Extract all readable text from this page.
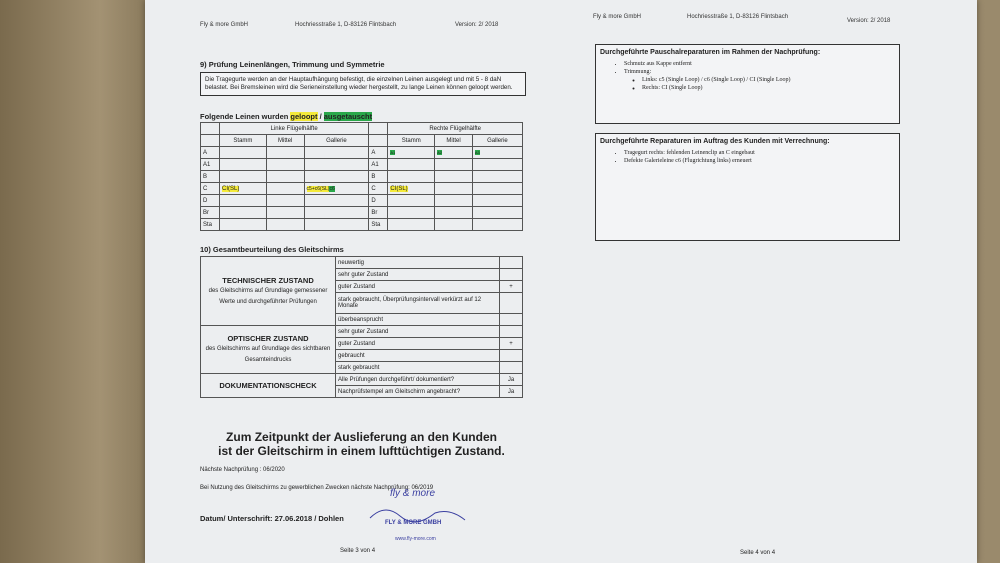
Fly & more GmbH	Hochriesstraße 1, D-83126 Flintsbach	Version: 2/ 2018
9) Prüfung Leinenlängen, Trimmung und Symmetrie
Die Tragegurte werden an der Hauptaufhängung befestigt, die einzelnen Leinen ausgelegt und mit 5 - 8 daN belastet. Bei Bremsleinen wird die Serieneinstellung wieder hergestellt, zu lange Leinen können geloopt werden.
Folgende Leinen wurden geloopt / ausgetauscht
	Linke Flügelhälfte				Rechte Flügelhälfte		
	Stamm	Mittel	Gallerie		Stamm	Mittel	Gallerie
A				A	A1	A2	A3
A1				A1			
B				B			
C	CI(SL)		c5+c6(SL)c6	C	CI(SL)		
D				D			
Br				Br			
Sta				Sta			
10) Gesamtbeurteilung des Gleitschirms
TECHNISCHER ZUSTAND
des Gleitschirms auf Grundlage gemessener Werte und durchgeführter Prüfungen	neuwertig	
	sehr guter Zustand	
	guter Zustand	+
	stark gebraucht, Überprüfungsintervall verkürzt auf 12 Monate	
	überbeansprucht	

OPTISCHER ZUSTAND
des Gleitschirms auf Grundlage des sichtbaren Gesamteindrucks	sehr guter Zustand	
	guter Zustand	+
	gebraucht	
	stark gebraucht	
DOKUMENTATIONSCHECK	Alle Prüfungen durchgeführt/ dokumentiert?	Ja
	Nachprüfstempel am Gleitschirm angebracht?	Ja
Zum Zeitpunkt der Auslieferung an den Kunden
ist der Gleitschirm in einem lufttüchtigen Zustand.
Nächste Nachprüfung : 06/2020
Bei Nutzung des Gleitschirms zu gewerblichen Zwecken nächste Nachprüfung: 06/2019
Datum/ Unterschrift: 27.06.2018 / Dohlen
fly & more
FLY & MORE GMBH
www.fly-more.com
Seite 3 von 4
Fly & more GmbH	Hochriesstraße 1, D-83126 Flintsbach
Version: 2/ 2018
Durchgeführte Pauschalreparaturen im Rahmen der Nachprüfung:
• Schmutz aus Kappe entfernt
• Trimmung:
◦ Links: c5 (Single Loop) / c6 (Single Loop) / CI (Single Loop)
◦ Rechts: CI (Single Loop)
Durchgeführte Reparaturen im Auftrag des Kunden mit Verrechnung:
• Tragegurt rechts: fehlenden Leinenclip an C eingebaut
• Defekte Galerieleine c6 (Flugrichtung links) erneuert
Seite 4 von 4
